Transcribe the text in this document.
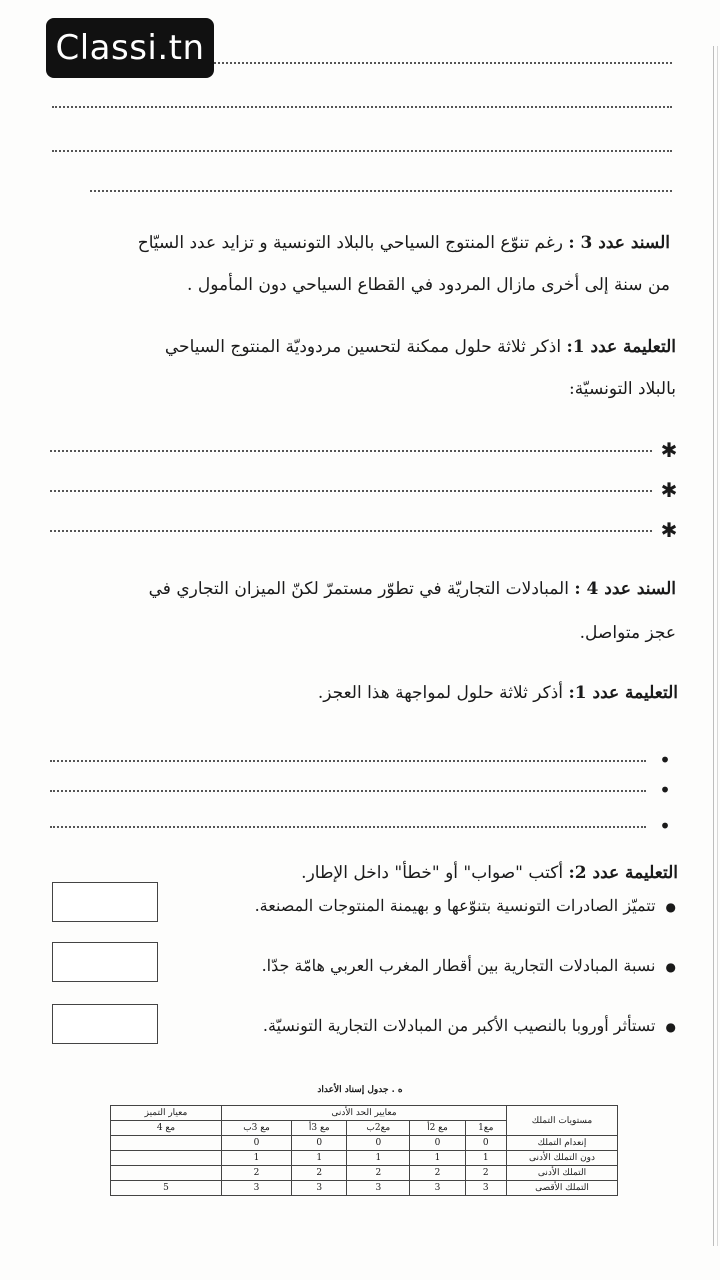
Classi.tn
السند عدد 3 : رغم تنوّع المنتوج السياحي بالبلاد التونسية و تزايد عدد السيّاح
من سنة إلى أخرى مازال المردود في القطاع السياحي دون المأمول .
التعليمة عدد 1: اذكر ثلاثة حلول ممكنة لتحسين مردوديّة المنتوج السياحي
بالبلاد التونسيّة:
✱
✱
✱
السند عدد 4 : المبادلات التجاريّة في تطوّر مستمرّ لكنّ الميزان التجاري في
عجز متواصل.
التعليمة عدد 1: أذكر ثلاثة حلول لمواجهة هذا العجز.
•
•
•
التعليمة عدد 2: أكتب "صواب" أو "خطأ" داخل الإطار.
●تتميّز الصادرات التونسية بتنوّعها و بهيمنة المنتوجات المصنعة.
●نسبة المبادلات التجارية بين أقطار المغرب العربي هامّة جدّا.
●تستأثر أوروبا بالنصيب الأكبر من المبادلات التجارية التونسيّة.
ه . جدول إسناد الأعداد
مستويات التملك	معايير الحد الأدنى					معيار التميز
	مع1	مع 2أ	مع2ب	مع 3أ	مع 3ب	مع 4
إنعدام التملك	0	0	0	0	0	
دون التملك الأدنى	1	1	1	1	1	
التملك الأدنى	2	2	2	2	2	
التملك الأقصى	3	3	3	3	3	5
